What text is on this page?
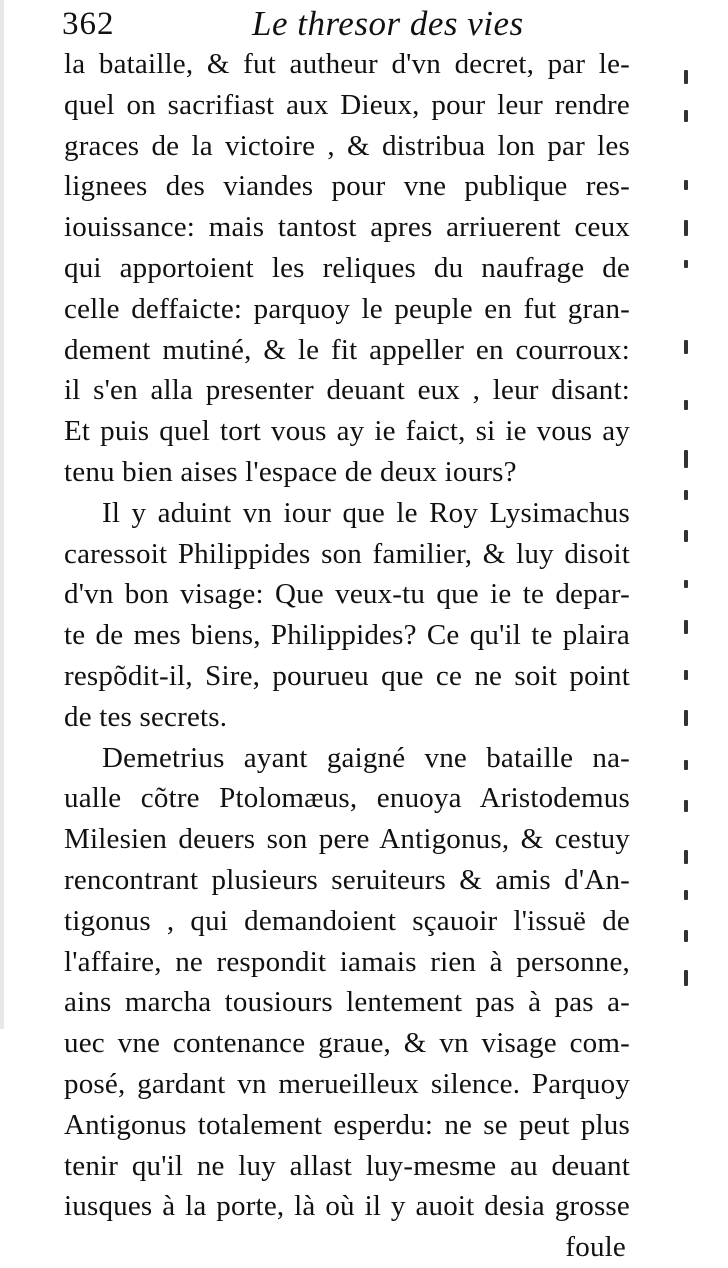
362	Le thresor des vies
la bataille, & fut autheur d'vn decret, par le-
quel on sacrifiast aux Dieux, pour leur rendre
graces de la victoire , & distribua lon par les
lignees des viandes pour vne publique res-
iouissance: mais tantost apres arriuerent ceux
qui apportoient les reliques du naufrage de
celle deffaicte: parquoy le peuple en fut gran-
dement mutiné, & le fit appeller en courroux:
il s'en alla presenter deuant eux , leur disant:
Et puis quel tort vous ay ie faict, si ie vous ay
tenu bien aises l'espace de deux iours?
Il y aduint vn iour que le Roy Lysimachus
caressoit Philippides son familier, & luy disoit
d'vn bon visage: Que veux-tu que ie te depar-
te de mes biens, Philippides? Ce qu'il te plaira
respõdit-il, Sire, pourueu que ce ne soit point
de tes secrets.
Demetrius ayant gaigné vne bataille na-
ualle cõtre Ptolomæus, enuoya Aristodemus
Milesien deuers son pere Antigonus, & cestuy
rencontrant plusieurs seruiteurs & amis d'An-
tigonus , qui demandoient sçauoir l'issuë de
l'affaire, ne respondit iamais rien à personne,
ains marcha tousiours lentement pas à pas a-
uec vne contenance graue, & vn visage com-
posé, gardant vn merueilleux silence. Parquoy
Antigonus totalement esperdu: ne se peut plus
tenir qu'il ne luy allast luy-mesme au deuant
iusques à la porte, là où il y auoit desia grosse
foule
